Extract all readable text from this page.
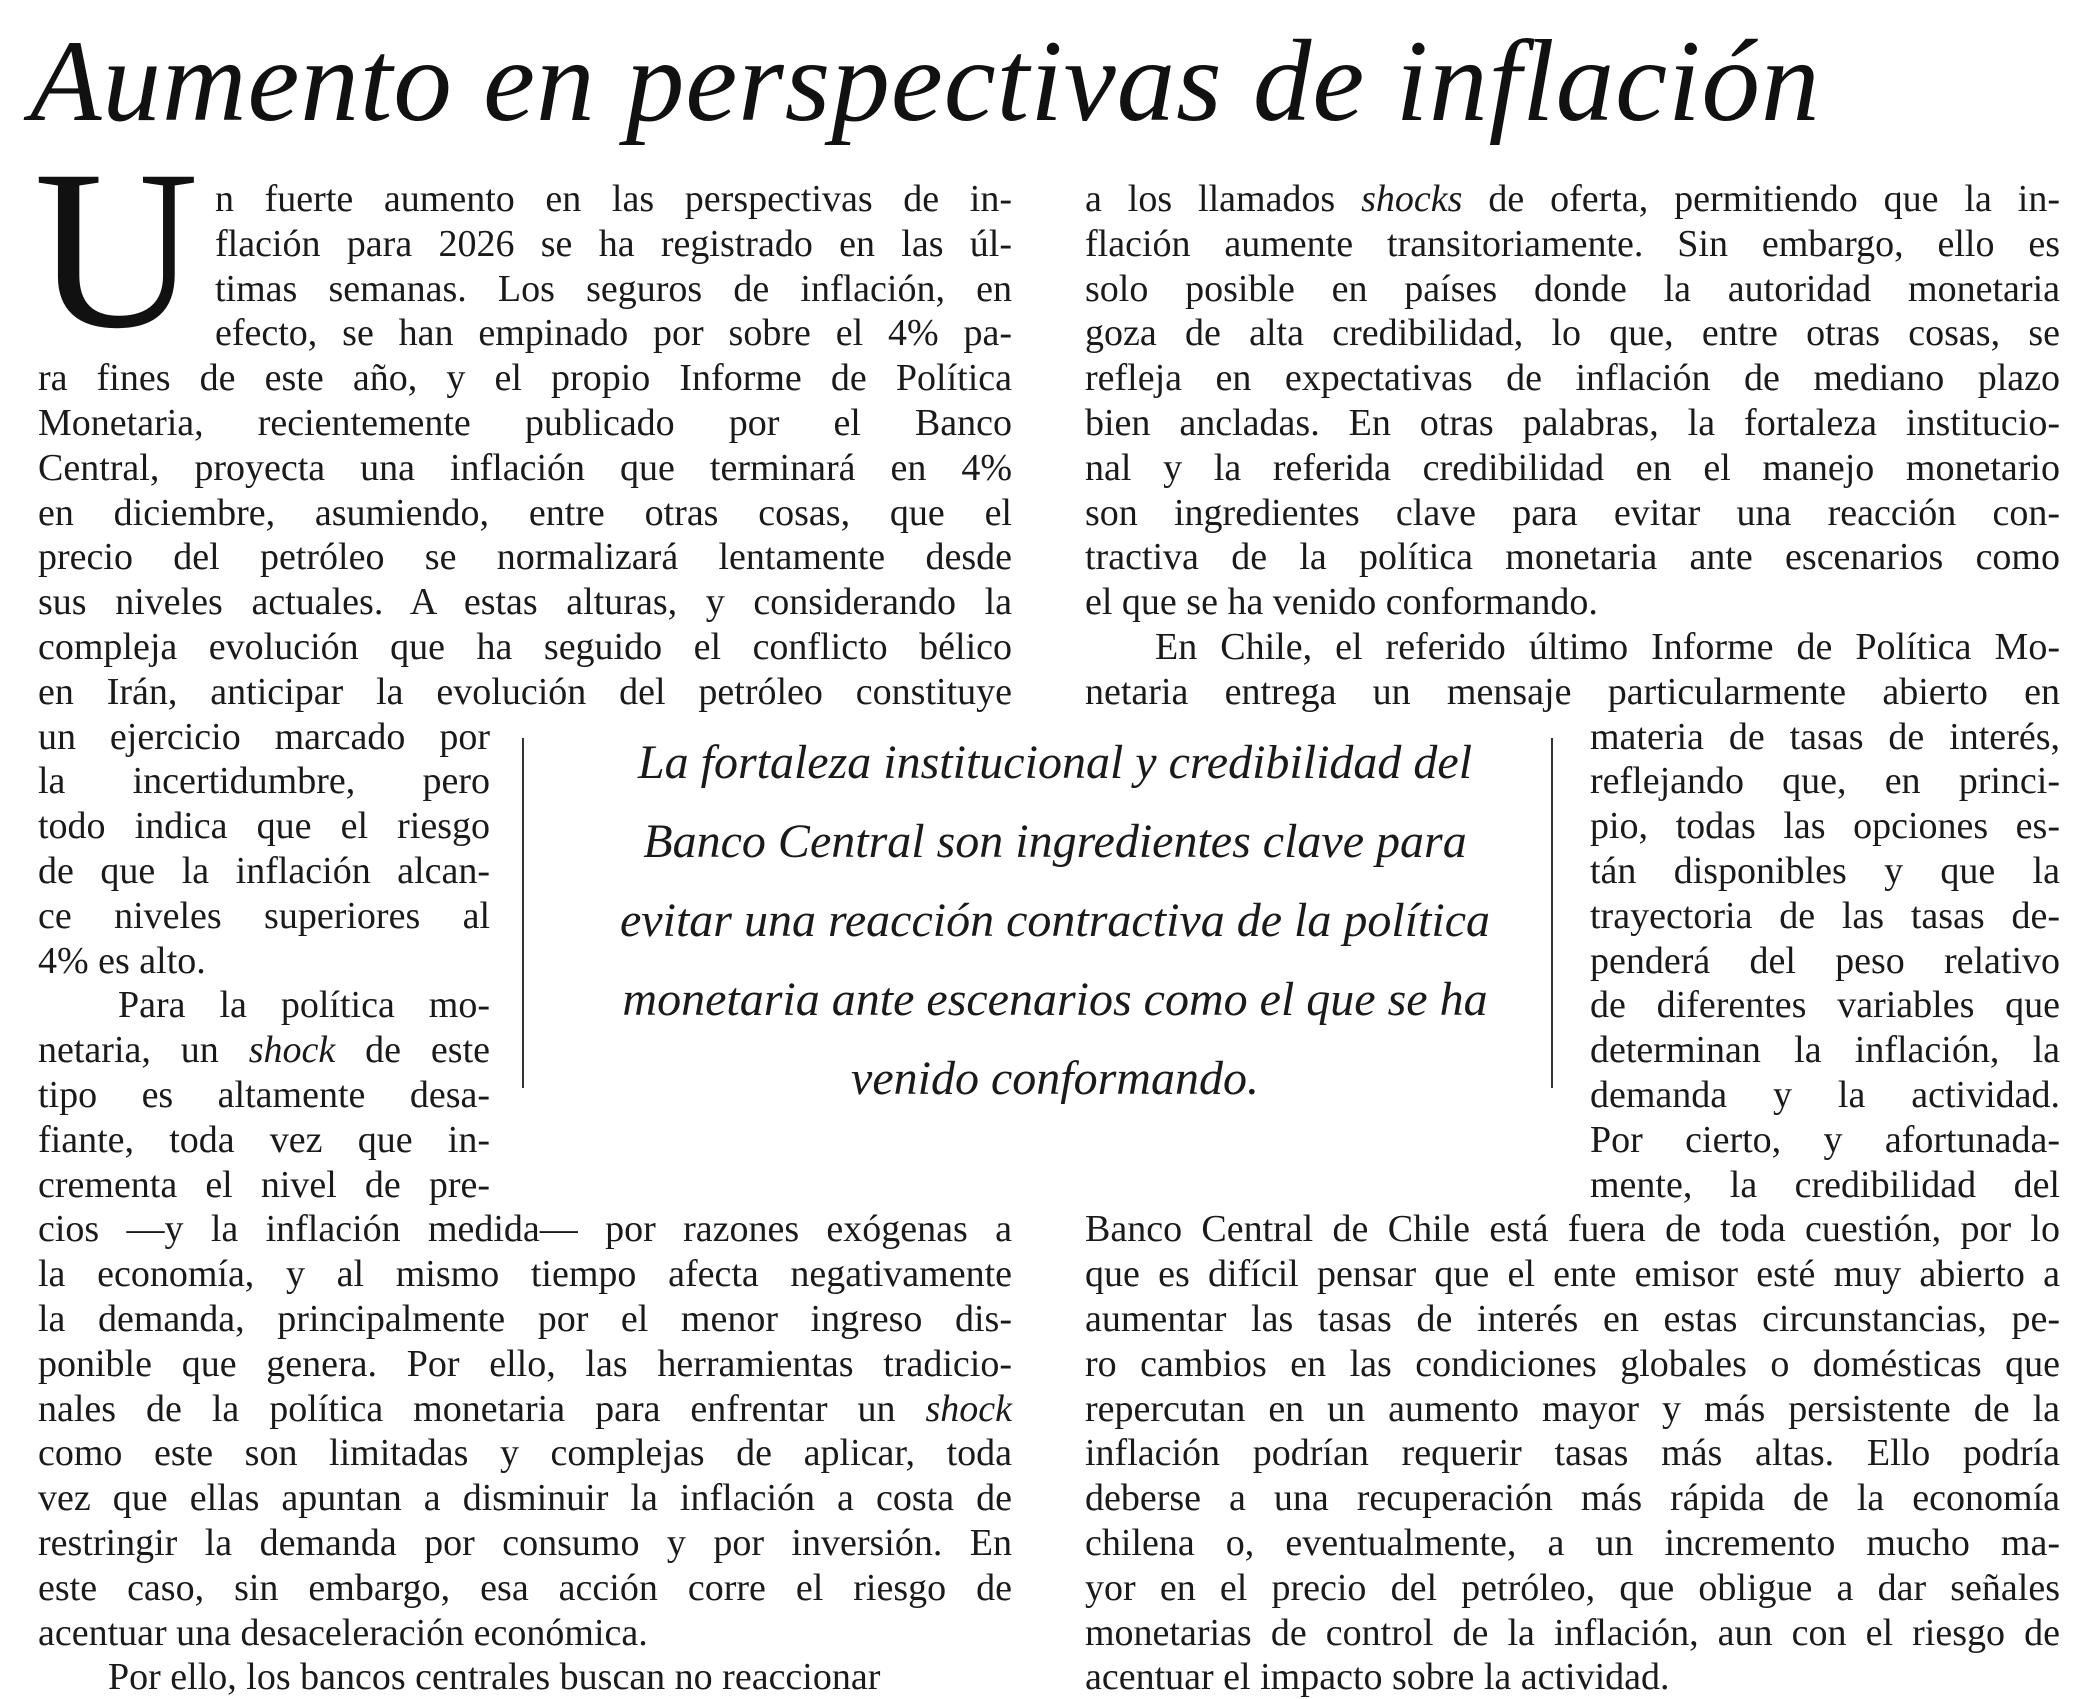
Aumento en perspectivas de inflación
U n fuerte aumento en las perspectivas de in-
flación para 2026 se ha registrado en las úl-
timas semanas. Los seguros de inflación, en
efecto, se han empinado por sobre el 4% pa-
ra fines de este año, y el propio Informe de Política
Monetaria, recientemente publicado por el Banco
Central, proyecta una inflación que terminará en 4%
en diciembre, asumiendo, entre otras cosas, que el
precio del petróleo se normalizará lentamente desde
sus niveles actuales. A estas alturas, y considerando la
compleja evolución que ha seguido el conflicto bélico
en Irán, anticipar la evolución del petróleo constituye
un ejercicio marcado por
la incertidumbre, pero
todo indica que el riesgo
de que la inflación alcan-
ce niveles superiores al
4% es alto.
Para la política mo-
netaria, un shock de este
tipo es altamente desa-
fiante, toda vez que in-
crementa el nivel de pre-
cios —y la inflación medida— por razones exógenas a
la economía, y al mismo tiempo afecta negativamente
la demanda, principalmente por el menor ingreso dis-
ponible que genera. Por ello, las herramientas tradicio-
nales de la política monetaria para enfrentar un shock
como este son limitadas y complejas de aplicar, toda
vez que ellas apuntan a disminuir la inflación a costa de
restringir la demanda por consumo y por inversión. En
este caso, sin embargo, esa acción corre el riesgo de
acentuar una desaceleración económica.
Por ello, los bancos centrales buscan no reaccionar
a los llamados shocks de oferta, permitiendo que la in-
flación aumente transitoriamente. Sin embargo, ello es
solo posible en países donde la autoridad monetaria
goza de alta credibilidad, lo que, entre otras cosas, se
refleja en expectativas de inflación de mediano plazo
bien ancladas. En otras palabras, la fortaleza institucio-
nal y la referida credibilidad en el manejo monetario
son ingredientes clave para evitar una reacción con-
tractiva de la política monetaria ante escenarios como
el que se ha venido conformando.
En Chile, el referido último Informe de Política Mo-
netaria entrega un mensaje particularmente abierto en
materia de tasas de interés,
reflejando que, en princi-
pio, todas las opciones es-
tán disponibles y que la
trayectoria de las tasas de-
penderá del peso relativo
de diferentes variables que
determinan la inflación, la
demanda y la actividad.
Por cierto, y afortunada-
mente, la credibilidad del
Banco Central de Chile está fuera de toda cuestión, por lo
que es difícil pensar que el ente emisor esté muy abierto a
aumentar las tasas de interés en estas circunstancias, pe-
ro cambios en las condiciones globales o domésticas que
repercutan en un aumento mayor y más persistente de la
inflación podrían requerir tasas más altas. Ello podría
deberse a una recuperación más rápida de la economía
chilena o, eventualmente, a un incremento mucho ma-
yor en el precio del petróleo, que obligue a dar señales
monetarias de control de la inflación, aun con el riesgo de
acentuar el impacto sobre la actividad.
La fortaleza institucional y credibilidad del
Banco Central son ingredientes clave para
evitar una reacción contractiva de la política
monetaria ante escenarios como el que se ha
venido conformando.
